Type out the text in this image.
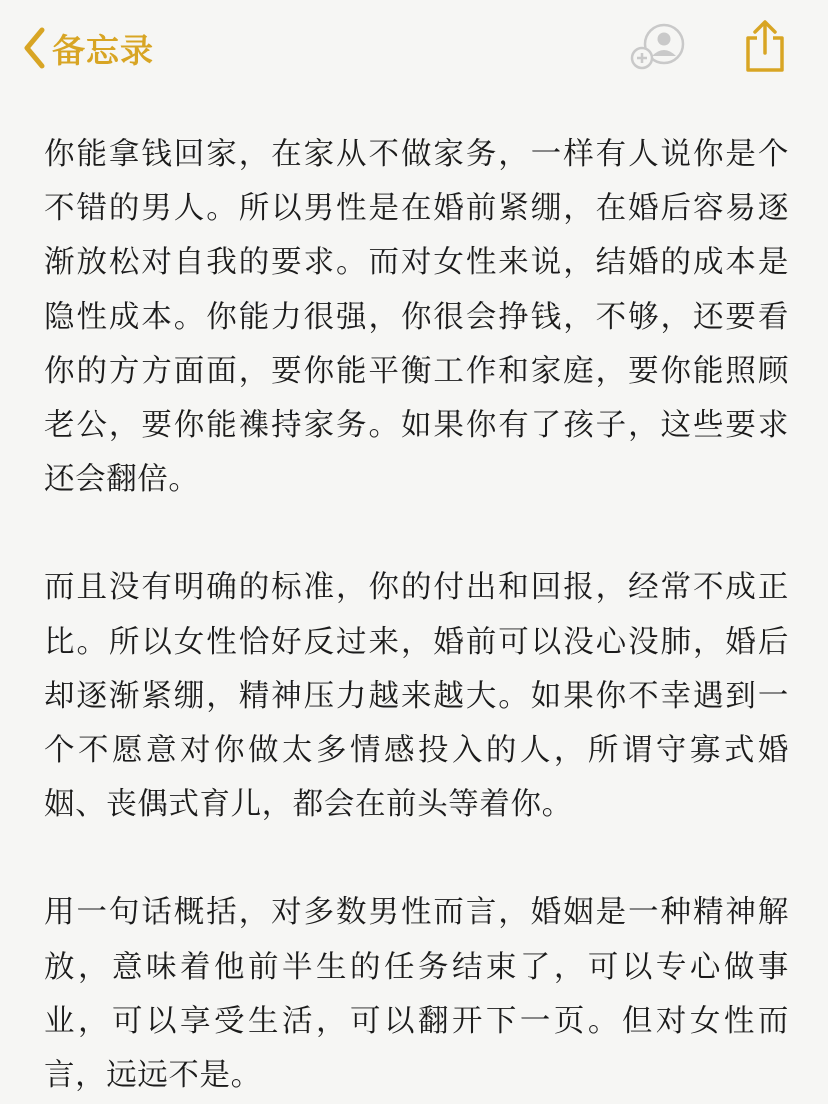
备忘录

你能拿钱回家，在家从不做家务，一样有人说你是个不错的男人。所以男性是在婚前紧绷，在婚后容易逐渐放松对自我的要求。而对女性来说，结婚的成本是隐性成本。你能力很强，你很会挣钱，不够，还要看你的方方面面，要你能平衡工作和家庭，要你能照顾老公，要你能襍持家务。如果你有了孩子，这些要求还会翻倍。

而且没有明确的标准，你的付出和回报，经常不成正比。所以女性恰好反过来，婚前可以没心没肺，婚后却逐渐紧绷，精神压力越来越大。如果你不幸遇到一个不愿意对你做太多情感投入的人，所谓守寡式婚姻、丧偶式育儿，都会在前头等着你。

用一句话概括，对多数男性而言，婚姻是一种精神解放，意味着他前半生的任务结束了，可以专心做事业，可以享受生活，可以翻开下一页。但对女性而言，远远不是。
